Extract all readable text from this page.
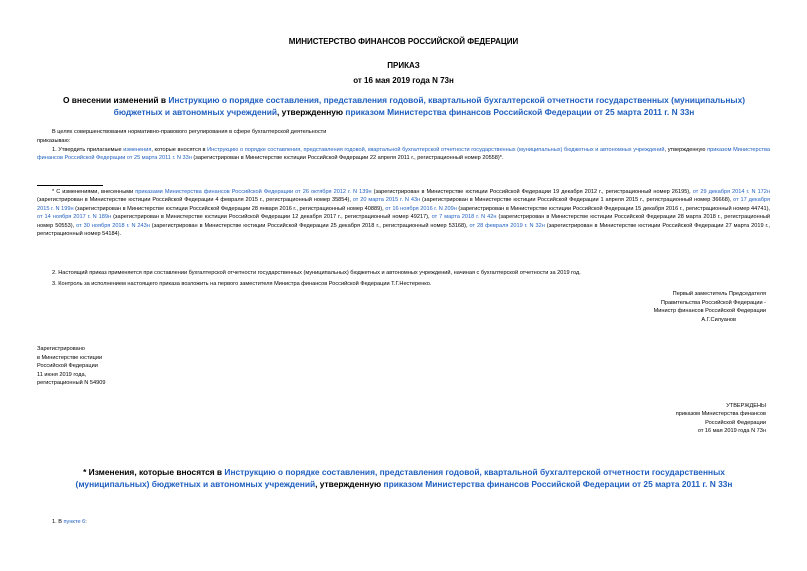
МИНИСТЕРСТВО ФИНАНСОВ РОССИЙСКОЙ ФЕДЕРАЦИИ
ПРИКАЗ
от 16 мая 2019 года N 73н
О внесении изменений в Инструкцию о порядке составления, представления годовой, квартальной бухгалтерской отчетности государственных (муниципальных) бюджетных и автономных учреждений, утвержденную приказом Министерства финансов Российской Федерации от 25 марта 2011 г. N 33н
В целях совершенствования нормативно-правового регулирования в сфере бухгалтерской деятельности
приказываю:
1. Утвердить прилагаемые изменения, которые вносятся в Инструкцию о порядке составления, представления годовой, квартальной бухгалтерской отчетности государственных (муниципальных) бюджетных и автономных учреждений, утвержденную приказом Министерства финансов Российской Федерации от 25 марта 2011 г. N 33н (зарегистрирован в Министерстве юстиции Российской Федерации 22 апреля 2011 г., регистрационный номер 20558)*.
* С изменениями, внесенными приказами Министерства финансов Российской Федерации от 26 октября 2012 г. N 139н (зарегистрирован в Министерстве юстиции Российской Федерации 19 декабря 2012 г., регистрационный номер 26195), от 29 декабря 2014 г. N 172н (зарегистрирован в Министерстве юстиции Российской Федерации 4 февраля 2015 г., регистрационный номер 35854), от 20 марта 2015 г. N 43н (зарегистрирован в Министерстве юстиции Российской Федерации 1 апреля 2015 г., регистрационный номер 36668), от 17 декабря 2015 г. N 199н (зарегистрирован в Министерстве юстиции Российской Федерации 28 января 2016 г., регистрационный номер 40889), от 16 ноября 2016 г. N 209н (зарегистрирован в Министерстве юстиции Российской Федерации 15 декабря 2016 г., регистрационный номер 44741), от 14 ноября 2017 г. N 189н (зарегистрирован в Министерстве юстиции Российской Федерации 12 декабря 2017 г., регистрационный номер 49217), от 7 марта 2018 г. N 42н (зарегистрирован в Министерстве юстиции Российской Федерации 28 марта 2018 г., регистрационный номер 50553), от 30 ноября 2018 г. N 243н (зарегистрирован в Министерстве юстиции Российской Федерации 25 декабря 2018 г., регистрационный номер 53168), от 28 февраля 2019 г. N 32н (зарегистрирован в Министерстве юстиции Российской Федерации 27 марта 2019 г., регистрационный номер 54184).
2. Настоящий приказ применяется при составлении бухгалтерской отчетности государственных (муниципальных) бюджетных и автономных учреждений, начиная с бухгалтерской отчетности за 2019 год.
3. Контроль за исполнением настоящего приказа возложить на первого заместителя Министра финансов Российской Федерации Т.Г.Нестеренко.
Первый заместитель Председателя
Правительства Российской Федерации -
Министр финансов Российской Федерации
А.Г.Силуанов
Зарегистрировано
в Министерстве юстиции
Российской Федерации
11 июня 2019 года,
регистрационный N 54909
УТВЕРЖДЕНЫ
приказом Министерства финансов
Российской Федерации
от 16 мая 2019 года N 73н
* Изменения, которые вносятся в Инструкцию о порядке составления, представления годовой, квартальной бухгалтерской отчетности государственных (муниципальных) бюджетных и автономных учреждений, утвержденную приказом Министерства финансов Российской Федерации от 25 марта 2011 г. N 33н
1. В пункте 6:
